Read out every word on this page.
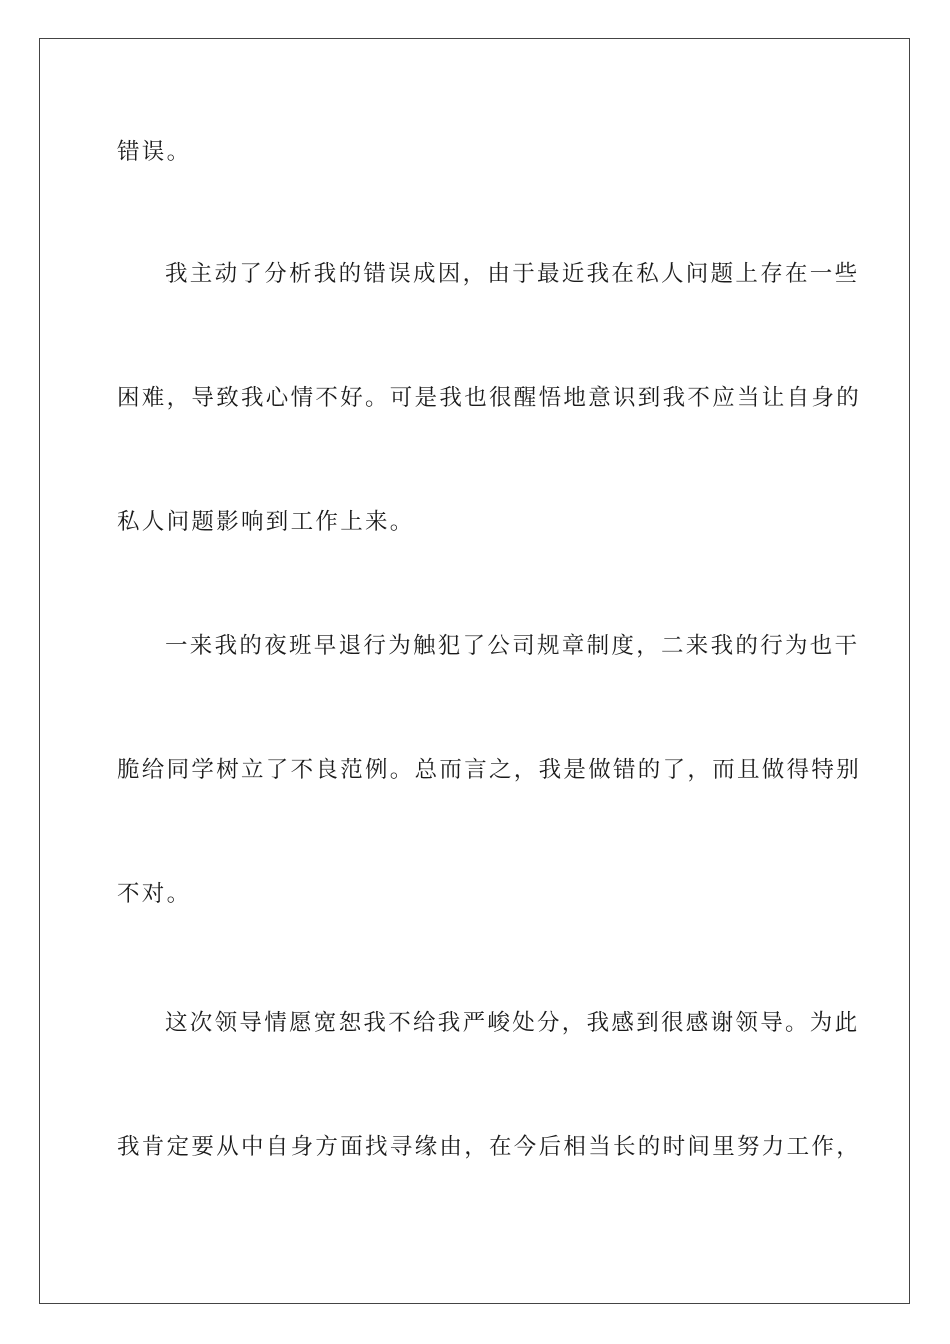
错误。
我主动了分析我的错误成因，由于最近我在私人问题上存在一些
困难，导致我心情不好。可是我也很醒悟地意识到我不应当让自身的
私人问题影响到工作上来。
一来我的夜班早退行为触犯了公司规章制度，二来我的行为也干
脆给同学树立了不良范例。总而言之，我是做错的了，而且做得特别
不对。
这次领导情愿宽恕我不给我严峻处分，我感到很感谢领导。为此
我肯定要从中自身方面找寻缘由，在今后相当长的时间里努力工作，
